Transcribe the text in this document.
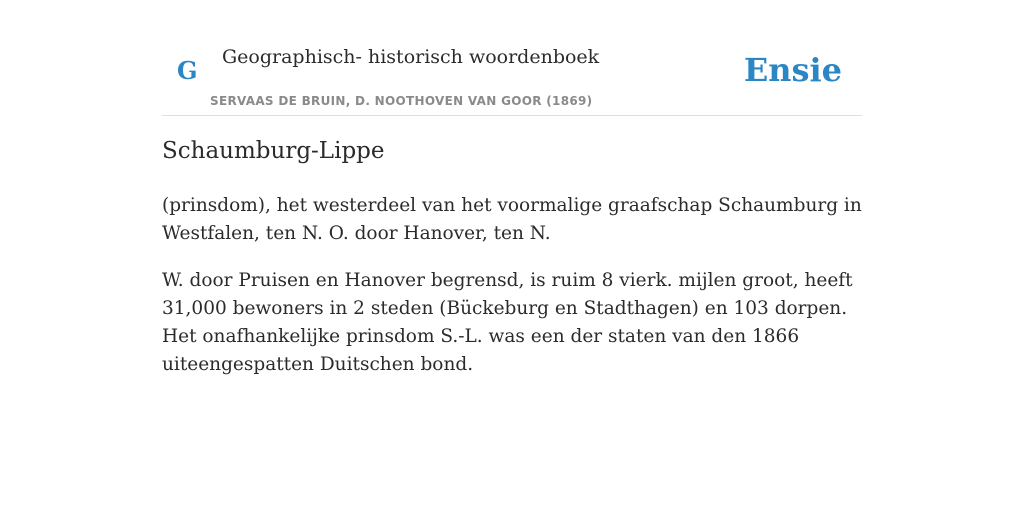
G Geographisch- historisch woordenboek
SERVAAS DE BRUIN, D. NOOTHOVEN VAN GOOR (1869)
Ensie
Schaumburg-Lippe

(prinsdom), het westerdeel van het voormalige graafschap Schaumburg in Westfalen, ten N. O. door Hanover, ten N.

W. door Pruisen en Hanover begrensd, is ruim 8 vierk. mijlen groot, heeft 31,000 bewoners in 2 steden (Bückeburg en Stadthagen) en 103 dorpen. Het onafhankelijke prinsdom S.-L. was een der staten van den 1866 uiteengespatten Duitschen bond.
